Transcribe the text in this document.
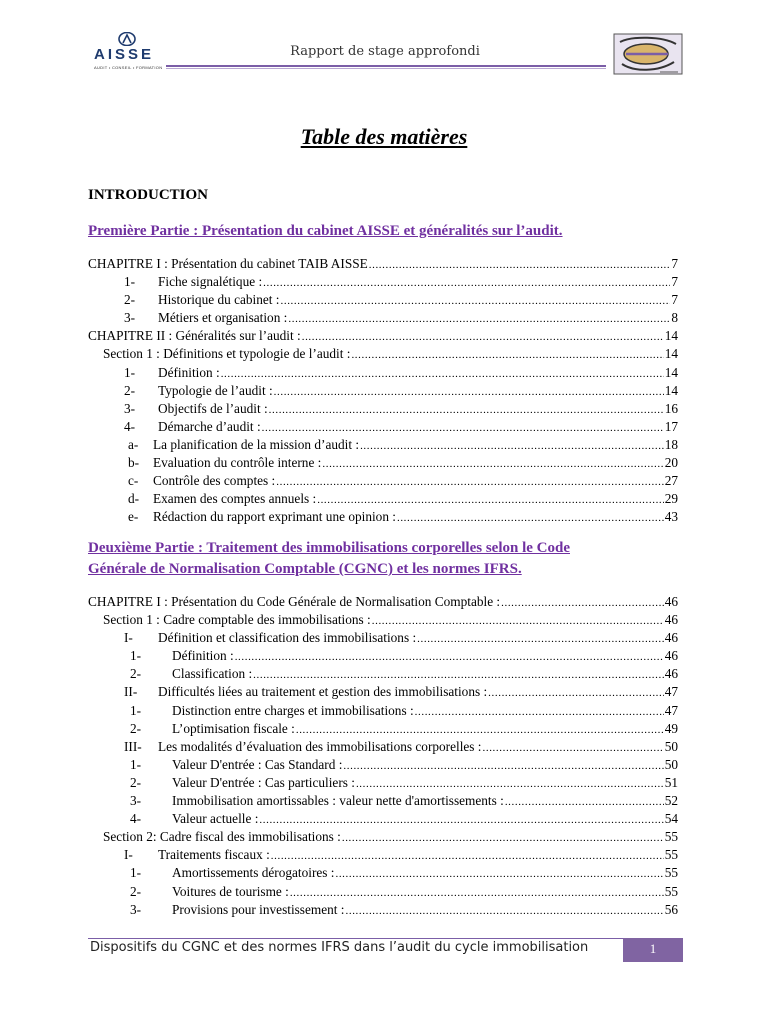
AISSE
AUDIT • CONSEIL • FORMATION
Rapport de stage approfondi
Table des matières
INTRODUCTION
Première Partie : Présentation du cabinet AISSE et généralités sur l’audit.
CHAPITRE I : Présentation du cabinet TAIB AISSE .....	7
1-	Fiche signalétique : .....	7
2-	Historique du cabinet : .....	7
3-	Métiers et organisation : .....	8
CHAPITRE II : Généralités sur l’audit : .....	14
Section 1 : Définitions et typologie de l’audit : .....	14
1-	Définition : .....	14
2-	Typologie de l’audit : .....	14
3-	Objectifs de l’audit : .....	16
4-	Démarche d’audit : .....	17
a-	La planification de la mission d’audit : .....	18
b-	Evaluation du contrôle interne : .....	20
c-	Contrôle des comptes : .....	27
d-	Examen des comptes annuels : .....	29
e-	Rédaction du rapport exprimant une opinion : .....	43
Deuxième Partie : Traitement des immobilisations corporelles selon le Code
Générale de Normalisation Comptable (CGNC) et les normes IFRS.
CHAPITRE I : Présentation du Code Générale de Normalisation Comptable : .....	46
Section 1 : Cadre comptable des immobilisations : .....	46
I-	Définition et classification des immobilisations : .....	46
1-	Définition : .....	46
2-	Classification : .....	46
II-	Difficultés liées au traitement et gestion des immobilisations : .....	47
1-	Distinction entre charges et immobilisations : .....	47
2-	L’optimisation fiscale : .....	49
III-	Les modalités d’évaluation des immobilisations corporelles : .....	50
1-	Valeur D'entrée : Cas Standard : .....	50
2-	Valeur D'entrée : Cas particuliers : .....	51
3-	Immobilisation amortissables : valeur nette d'amortissements : .....	52
4-	Valeur actuelle : .....	54
Section 2: Cadre fiscal des immobilisations : .....	55
I-	Traitements fiscaux : .....	55
1-	Amortissements dérogatoires : .....	55
2-	Voitures de tourisme : .....	55
3-	Provisions pour investissement : .....	56
Dispositifs du CGNC et des normes IFRS dans l’audit du cycle immobilisation	1
